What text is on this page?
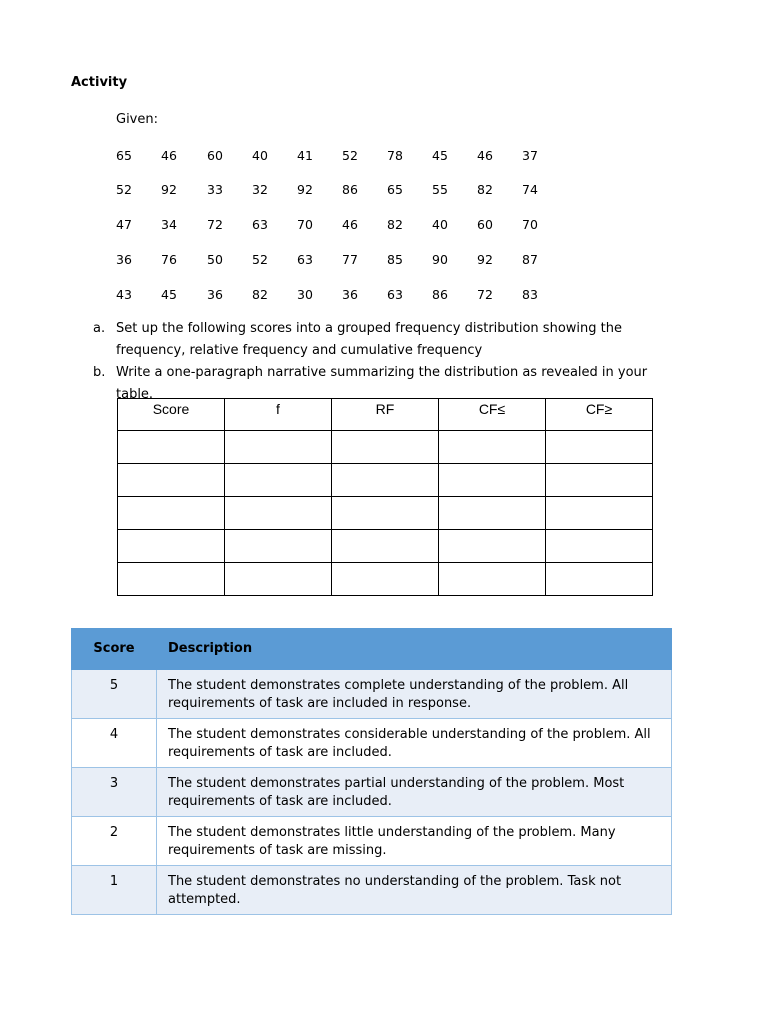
Activity
Given:
65 46 60 40 41 52 78 45 46 37
52 92 33 32 92 86 65 55 82 74
47 34 72 63 70 46 82 40 60 70
36 76 50 52 63 77 85 90 92 87
43 45 36 82 30 36 63 86 72 83
a. Set up the following scores into a grouped frequency distribution showing the frequency, relative frequency and cumulative frequency
b. Write a one-paragraph narrative summarizing the distribution as revealed in your table.
Score	f	RF	CF≤	CF≥

Score	Description

5	The student demonstrates complete understanding of the problem. All requirements of task are included in response.

4	The student demonstrates considerable understanding of the problem. All requirements of task are included.

3	The student demonstrates partial understanding of the problem. Most requirements of task are included.

2	The student demonstrates little understanding of the problem. Many requirements of task are missing.

1	The student demonstrates no understanding of the problem. Task not attempted.
